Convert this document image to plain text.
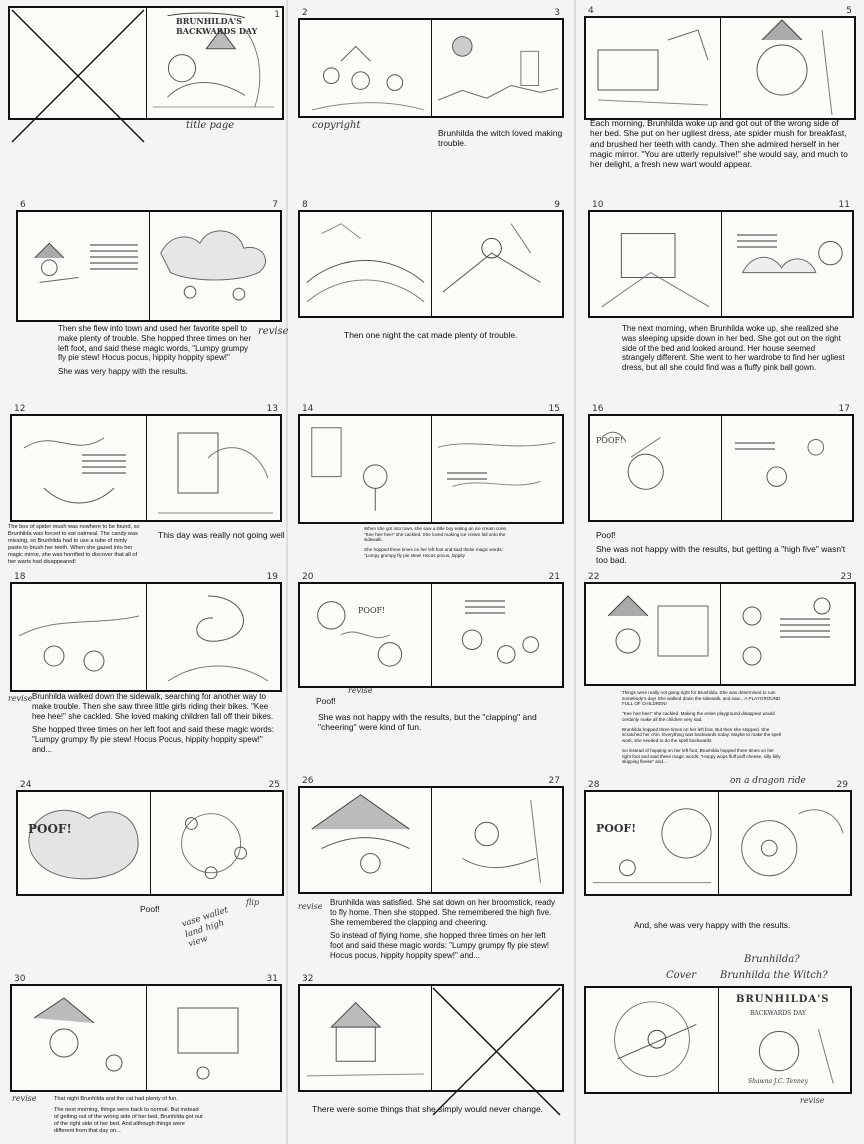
BRUNHILDA'S BACKWARDS DAY
1
title page
2	3
copyright
Brunhilda the witch loved making trouble.
4	5
Each morning, Brunhilda woke up and got out of the wrong side of her bed. She put on her ugliest dress, ate spider mush for breakfast, and brushed her teeth with candy. Then she admired herself in her magic mirror. "You are utterly repulsive!" she would say, and much to her delight, a fresh new wart would appear.
6	7

Then she flew into town and used her favorite spell to make plenty of trouble. She hopped three times on her left foot, and said these magic words, "Lumpy grumpy fly pie stew! Hocus pocus, hippity hoppity spew!"

She was very happy with the results.

revise
8	9
Then one night the cat made plenty of trouble.
10	11
The next morning, when Brunhilda woke up, she realized she was sleeping upside down in her bed. She got out on the right side of the bed and looked around. Her house seemed strangely different. She went to her wardrobe to find her ugliest dress, but all she could find was a fluffy pink ball gown.
12	13
The box of spider mush was nowhere to be found, so Brunhilda was forced to eat oatmeal. The candy was missing, so Brunhilda had to use a tube of minty paste to brush her teeth. When she gazed into her magic mirror, she was horrified to discover that all of her warts had disappeared!
This day was really not going well
14	15

When she got into town, she saw a little boy eating an ice cream cone. "Kee hee hee!" she cackled. She loved making ice cream fall onto the sidewalk.

She hopped three times on her left foot and said these magic words: "Lumpy grumpy fly pie stew! Hocus pocus, hippity

POOF!
16	17

Poof!

She was not happy with the results, but getting a "high five" wasn't too bad.

18	19
revise Brunhilda walked down the sidewalk, searching for another way to make trouble. Then she saw three little girls riding their bikes. "Kee hee hee!" she cackled. She loved making children fall off their bikes.

She hopped three times on her left foot and said these magic words: "Lumpy grumpy fly pie stew! Hocus Pocus, hippity hoppity spew!" and...

POOF!
20	21
Poof!
revise
She was not happy with the results, but the "clapping" and "cheering" were kind of fun.
22	23

Things were really not going right for Brunhilda. She was determined to ruin somebody's day! She walked down the sidewalk, and saw... A PLAYGROUND FULL OF CHILDREN!

"Kee hee hee!" she cackled. Making the entire playground disappear would certainly make all the children very sad.

Brunhilda hopped three times on her left foot. But then she stopped. She scratched her chin. Everything was backwards today. Maybe to make the spell work, she needed to do the spell backwards.

So instead of hopping on her left foot, Brunhilda hopped three times on her right foot and said these magic words: "Hoppy wops fluff puff cheese, silly billy skipping fleese" and...

POOF!
24	25
Poof!
flip
vase wallet land high view
26	27
revise Brunhilda was satisfied. She sat down on her broomstick, ready to fly home. Then she stopped. She remembered the high five. She remembered the clapping and cheering.

So instead of flying home, she hopped three times on her left foot and said these magic words: "Lumpy grumpy fly pie stew! Hocus pocus, hippity hoppity spew!" and...

on a dragon ride
POOF!
28	29
And, she was very happy with the results.
30	31
revise	That night Brunhilda and the cat had plenty of fun.

The next morning, things were back to normal. But instead of getting out of the wrong side of her bed, Brunhilda got out of the right side of her bed. And although things were different from that day on...

32
There were some things that she simply would never change.
Cover
Brunhilda?
Brunhilda the Witch?
BRUNHILDA'S
BACKWARDS DAY
Shawna J.C. Tenney
revise
